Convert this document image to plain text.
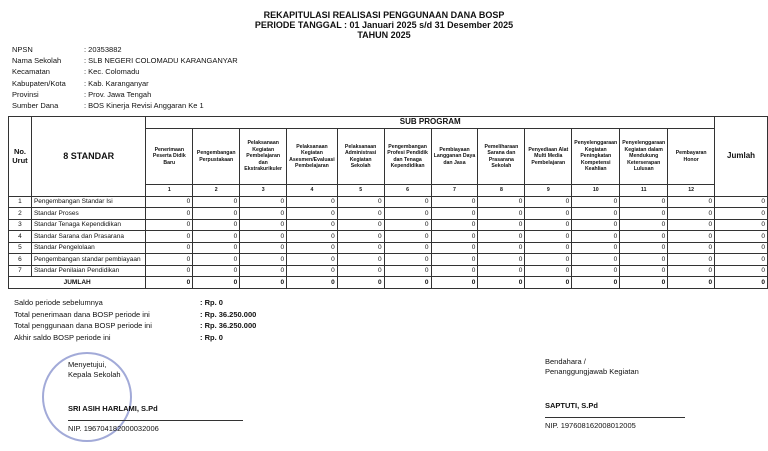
REKAPITULASI REALISASI PENGGUNAAN DANA BOSP
PERIODE TANGGAL : 01 Januari 2025 s/d 31 Desember 2025
TAHUN 2025
NPSN	: 20353882
Nama Sekolah	: SLB NEGERI COLOMADU KARANGANYAR
Kecamatan	: Kec. Colomadu
Kabupaten/Kota	: Kab. Karanganyar
Provinsi	: Prov. Jawa Tengah
Sumber Dana	: BOS Kinerja Revisi Anggaran Ke 1
No. Urut	8 STANDAR	SUB PROGRAM												Jumlah
		Penerimaan Peserta Didik Baru	Pengembangan Perpustakaan	Pelaksanaan Kegiatan Pembelajaran dan Ekstrakurikuler	Pelaksanaan Kegiatan Asesmen/Evaluasi Pembelajaran	Pelaksanaan Administrasi Kegiatan Sekolah	Pengembangan Profesi Pendidik dan Tenaga Kependidikan	Pembiayaan Langganan Daya dan Jasa	Pemeliharaan Sarana dan Prasarana Sekolah	Penyediaan Alat Multi Media Pembelajaran	Penyelenggaraan Kegiatan Peningkatan Kompetensi Keahlian	Penyelenggaraan Kegiatan dalam Mendukung Keterserapan Lulusan	Pembayaran Honor	
		1	2	3	4	5	6	7	8	9	10	11	12	
1	Pengembangan Standar Isi	0	0	0	0	0	0	0	0	0	0	0	0	0
2	Standar Proses	0	0	0	0	0	0	0	0	0	0	0	0	0
3	Standar Tenaga Kependidikan	0	0	0	0	0	0	0	0	0	0	0	0	0
4	Standar Sarana dan Prasarana	0	0	0	0	0	0	0	0	0	0	0	0	0
5	Standar Pengelolaan	0	0	0	0	0	0	0	0	0	0	0	0	0
6	Pengembangan standar pembiayaan	0	0	0	0	0	0	0	0	0	0	0	0	0
7	Standar Penilaian Pendidikan	0	0	0	0	0	0	0	0	0	0	0	0	0
JUMLAH		0	0	0	0	0	0	0	0	0	0	0	0	0
Saldo periode sebelumnya	: Rp. 0
Total penerimaan dana BOSP periode ini	: Rp. 36.250.000
Total penggunaan dana BOSP periode ini	: Rp. 36.250.000
Akhir saldo BOSP periode ini	: Rp. 0
Menyetujui,
Kepala Sekolah
SRI ASIH HARLAMI, S.Pd
NIP. 196704182000032006
Bendahara /
Penanggungjawab Kegiatan
SAPTUTI, S.Pd
NIP. 197608162008012005
